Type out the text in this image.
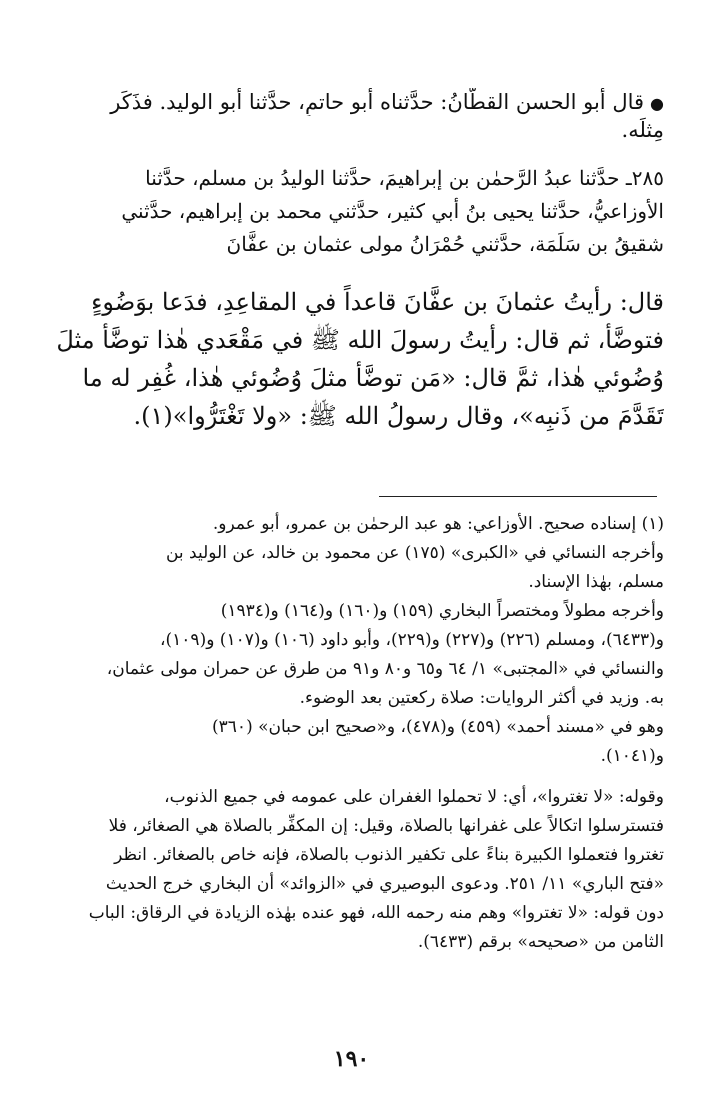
●قال أبو الحسن القطَّانُ: حدَّثناه أبو حاتمٍ، حدَّثنا أبو الوليد. فذَكَر
مِثلَه.
٢٨٥ـ حدَّثنا عبدُ الرَّحمٰن بن إبراهيمَ، حدَّثنا الوليدُ بن مسلم، حدَّثنا
الأوزاعيُّ، حدَّثنا يحيى بنُ أبي كثير، حدَّثني محمد بن إبراهيم، حدَّثني
شقيقُ بن سَلَمَة، حدَّثني حُمْرَانُ مولى عثمان بن عفَّانَ
قال: رأيتُ عثمانَ بن عفَّانَ قاعداً في المقاعِدِ، فدَعا بوَضُوءٍ
فتوضَّأ، ثم قال: رأيتُ رسولَ الله ﷺ في مَقْعَدي هٰذا توضَّأ مثلَ
وُضُوئي هٰذا، ثمَّ قال: «مَن توضَّأ مثلَ وُضُوئي هٰذا، غُفِر له ما
تَقَدَّمَ من ذَنبِه»، وقال رسولُ الله ﷺ: «ولا تَغْتَرُّوا»(١).
(١) إسناده صحيح. الأوزاعي: هو عبد الرحمٰن بن عمرو، أبو عمرو.
وأخرجه النسائي في «الكبرى» (١٧٥) عن محمود بن خالد، عن الوليد بن
مسلم، بهٰذا الإسناد.
وأخرجه مطولاً ومختصراً البخاري (١٥٩) و(١٦٠) و(١٦٤) و(١٩٣٤)
و(٦٤٣٣)، ومسلم (٢٢٦) و(٢٢٧) و(٢٢٩)، وأبو داود (١٠٦) و(١٠٧) و(١٠٩)،
والنسائي في «المجتبى» ١/ ٦٤ و٦٥ و٨٠ و٩١ من طرق عن حمران مولى عثمان،
به. وزيد في أكثر الروايات: صلاة ركعتين بعد الوضوء.
وهو في «مسند أحمد» (٤٥٩) و(٤٧٨)، و«صحيح ابن حبان» (٣٦٠)
و(١٠٤١).
وقوله: «لا تغتروا»، أي: لا تحملوا الغفران على عمومه في جميع الذنوب،
فتسترسلوا اتكالاً على غفرانها بالصلاة، وقيل: إن المكفِّر بالصلاة هي الصغائر، فلا
تغتروا فتعملوا الكبيرة بناءً على تكفير الذنوب بالصلاة، فإنه خاص بالصغائر. انظر
«فتح الباري» ١١/ ٢٥١. ودعوى البوصيري في «الزوائد» أن البخاري خرج الحديث
دون قوله: «لا تغتروا» وهم منه رحمه الله، فهو عنده بهٰذه الزيادة في الرقاق: الباب
الثامن من «صحيحه» برقم (٦٤٣٣).
١٩٠
